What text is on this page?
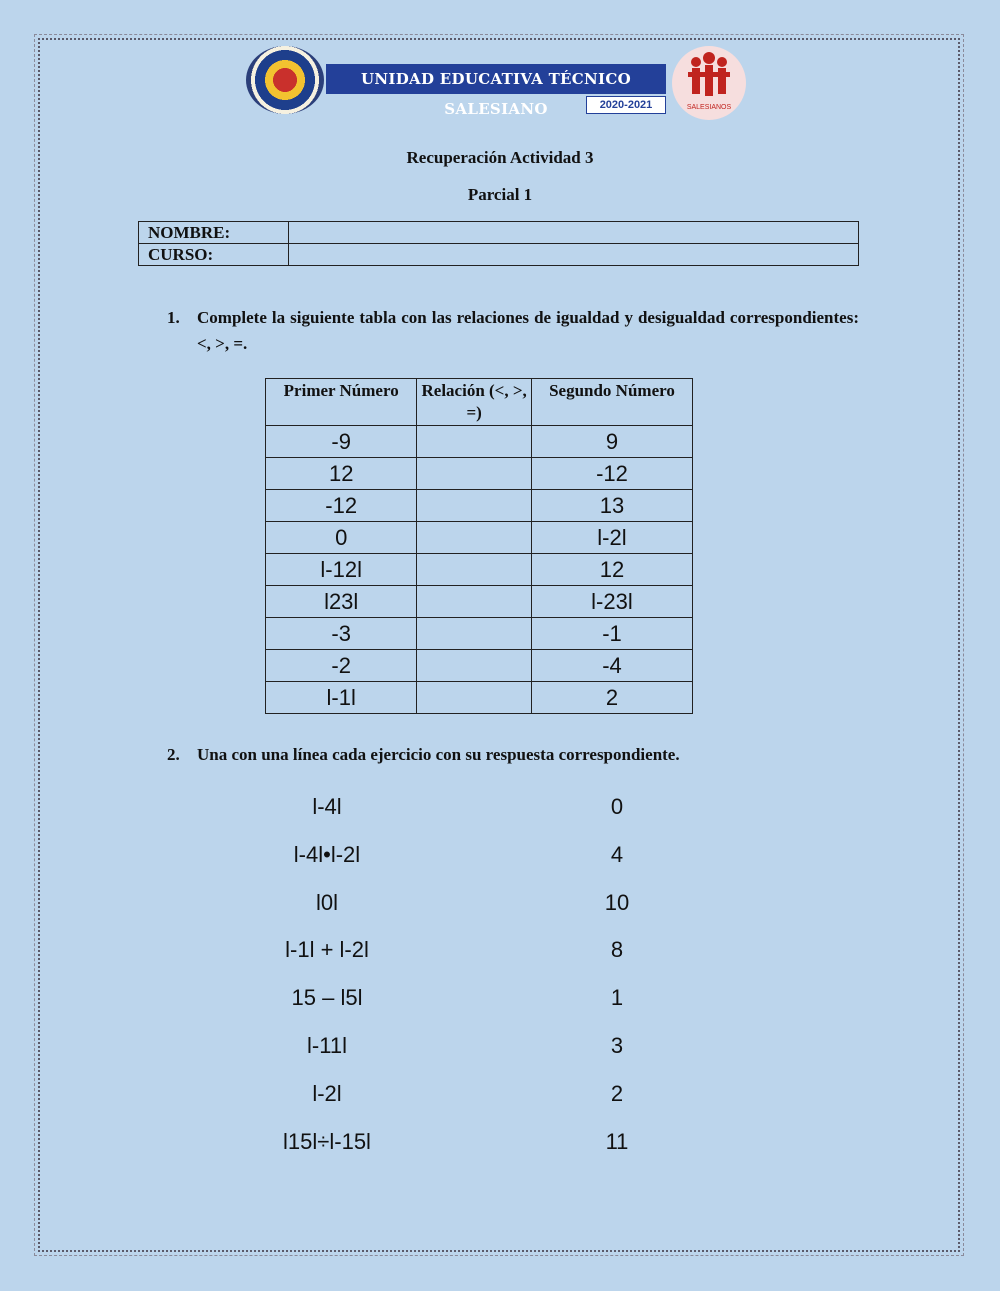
UNIDAD EDUCATIVA TÉCNICO SALESIANO	2020-2021	SALESIANOS
Recuperación Actividad 3
Parcial 1
NOMBRE:	
CURSO:	
1. Complete la siguiente tabla con las relaciones de igualdad y desigualdad correspondientes: <, >, =.
Primer Número	Relación (<, >, =)	Segundo Número
-9		9
12		-12
-12		13
0		l-2l
l-12l		12
l23l		l-23l
-3		-1
-2		-4
l-1l		2
2. Una con una línea cada ejercicio con su respuesta correspondiente.
l-4l
l-4l•l-2l
l0l
l-1l + l-2l
15 – l5l
l-11l
l-2l
l15l÷l-15l
0
4
10
8
1
3
2
11
